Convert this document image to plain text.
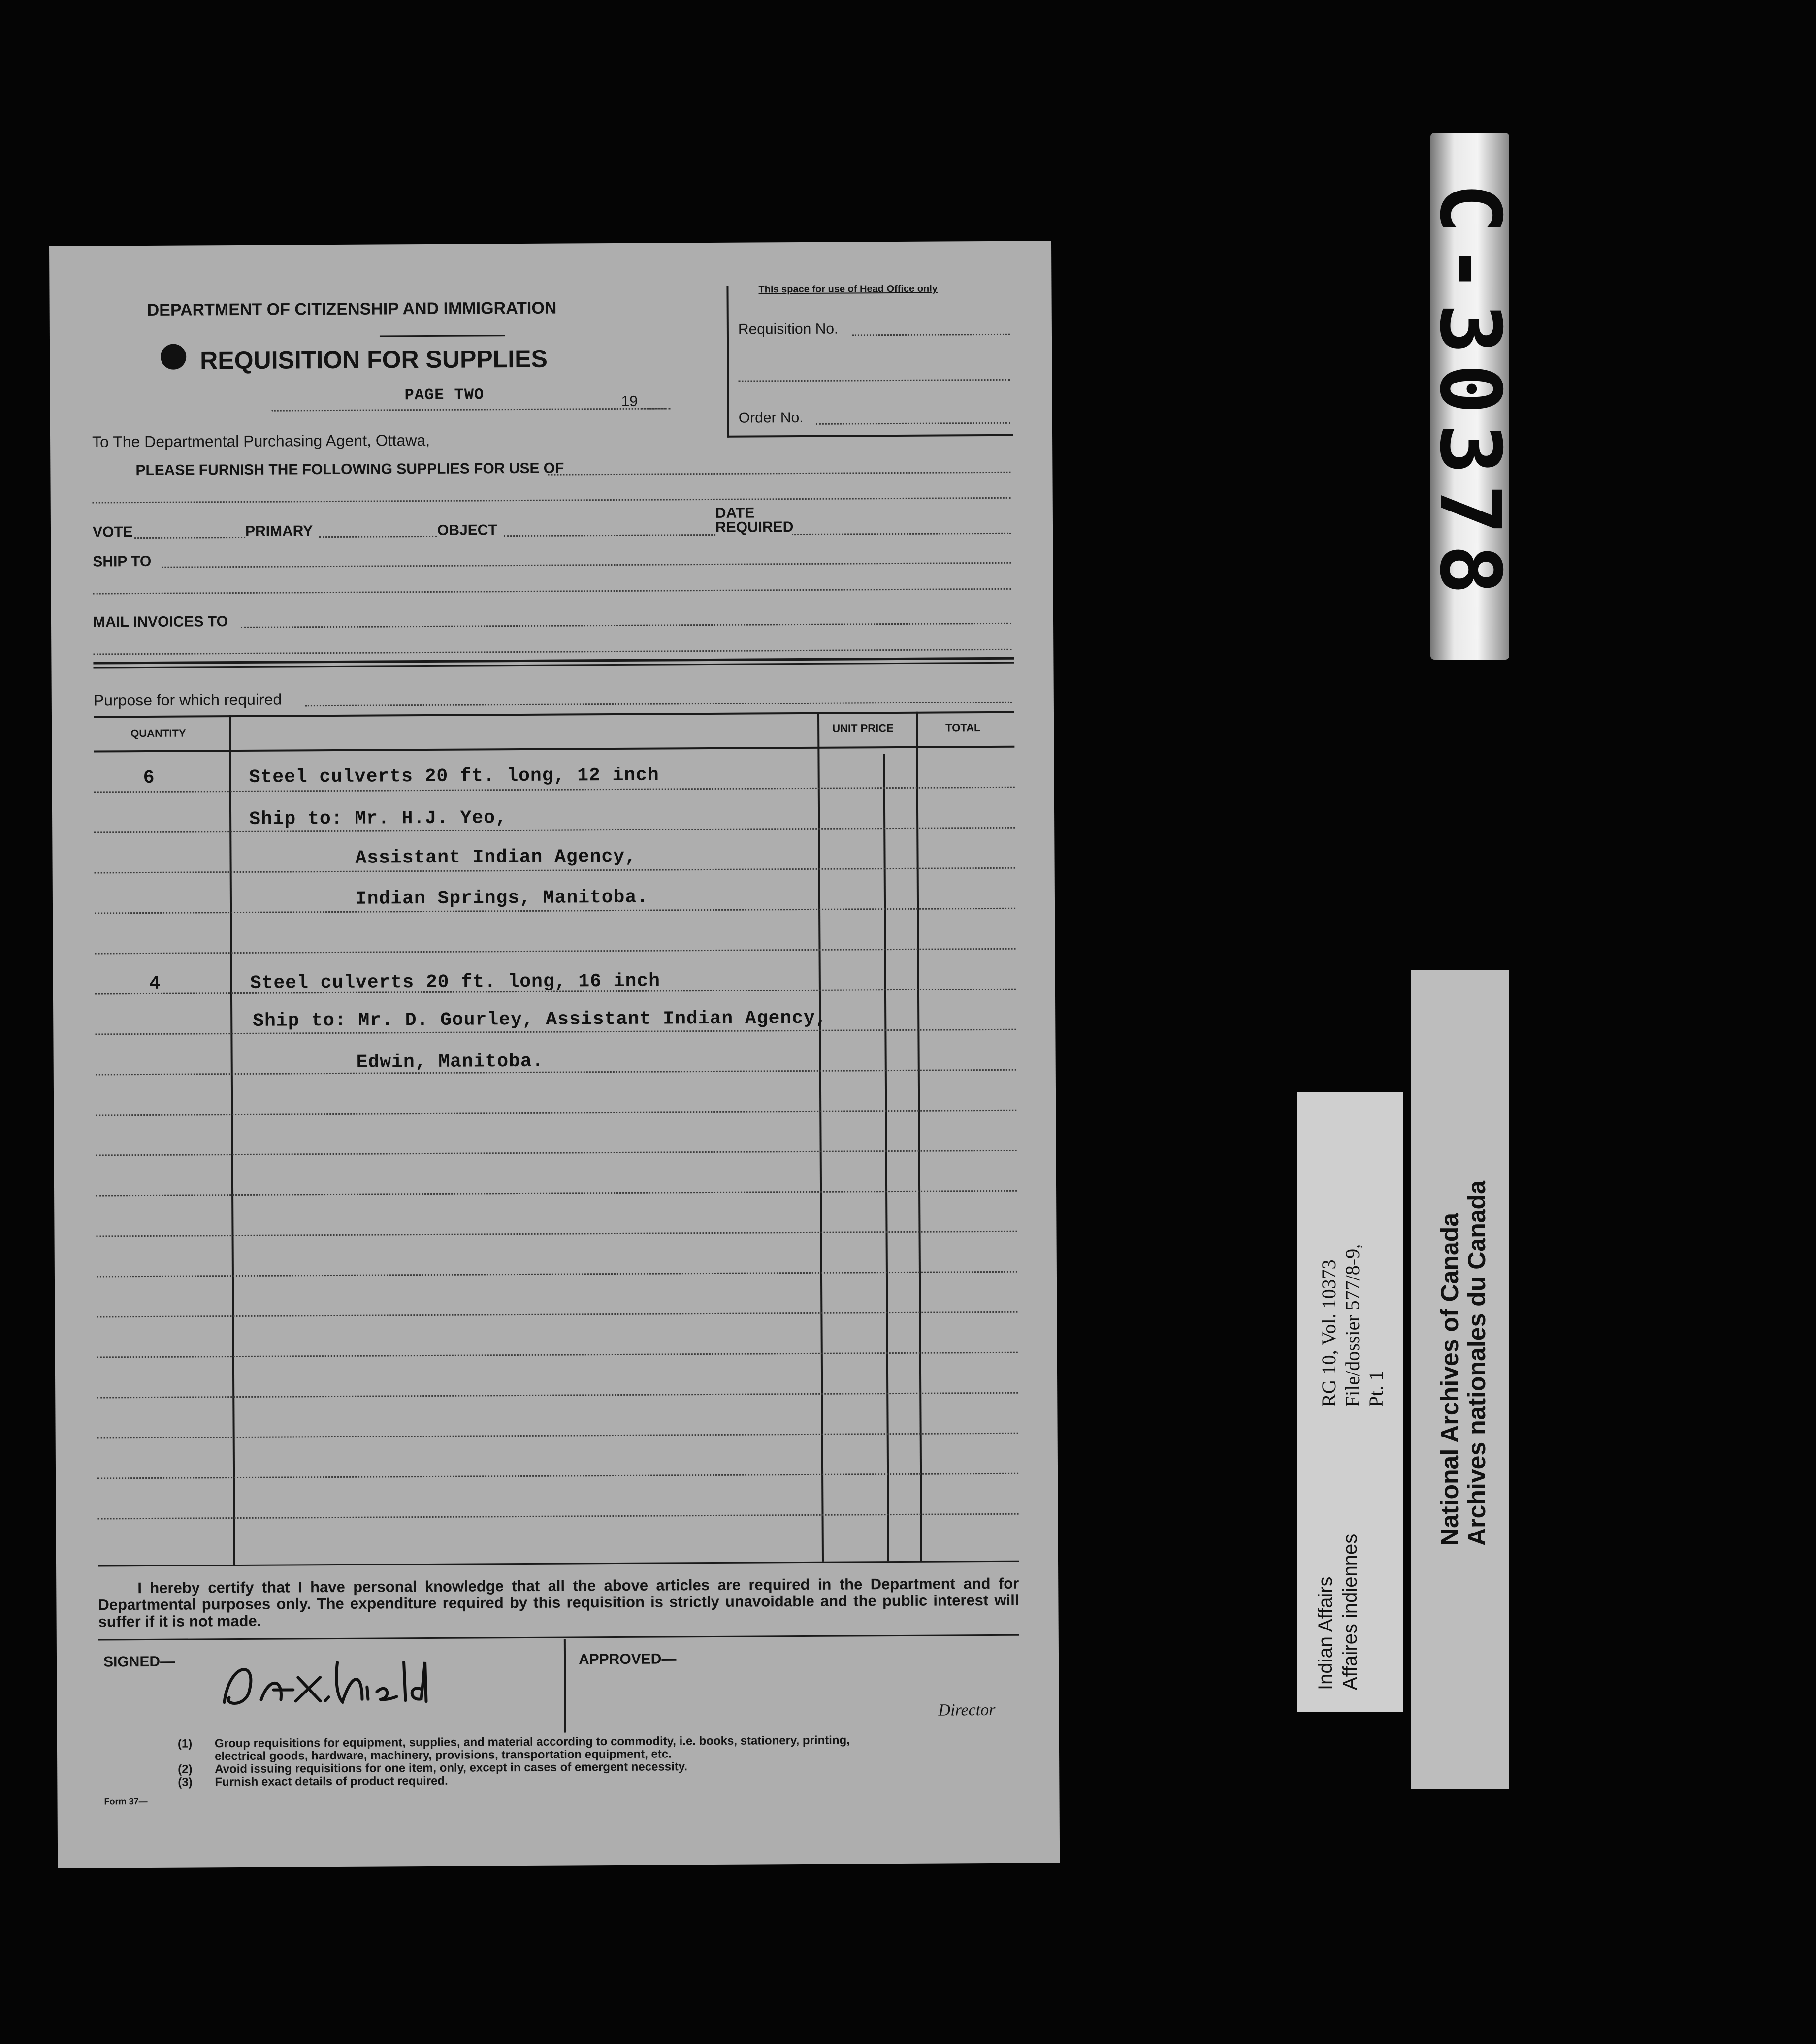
DEPARTMENT OF CITIZENSHIP AND IMMIGRATION
REQUISITION FOR SUPPLIES
PAGE TWO	19
This space for use of Head Office only
Requisition No.
Order No.
To The Departmental Purchasing Agent, Ottawa,
PLEASE FURNISH THE FOLLOWING SUPPLIES FOR USE OF
VOTE	PRIMARY	OBJECT
DATE
REQUIRED
SHIP TO
MAIL INVOICES TO
Purpose for which required
QUANTITY	UNIT PRICE	TOTAL
6	Steel culverts 20 ft. long, 12 inch
Ship to: Mr. H.J. Yeo,
Assistant Indian Agency,
Indian Springs, Manitoba.
4	Steel culverts 20 ft. long, 16 inch
Ship to: Mr. D. Gourley, Assistant Indian Agency,
Edwin, Manitoba.
I hereby certify that I have personal knowledge that all the above articles are required in the Department and for Departmental purposes only. The expenditure required by this requisition is strictly unavoidable and the public interest will suffer if it is not made.
SIGNED—	APPROVED—
Director
(1) Group requisitions for equipment, supplies, and material according to commodity, i.e. books, stationery, printing,
electrical goods, hardware, machinery, provisions, transportation equipment, etc.
(2) Avoid issuing requisitions for one item, only, except in cases of emergent necessity.
(3) Furnish exact details of product required.
Form 37—
C-30378
Indian Affairs Affaires indiennes
RG 10, Vol. 10373 File/dossier 577/8-9, Pt. 1 National Archives of Canada Archives nationales du Canada
